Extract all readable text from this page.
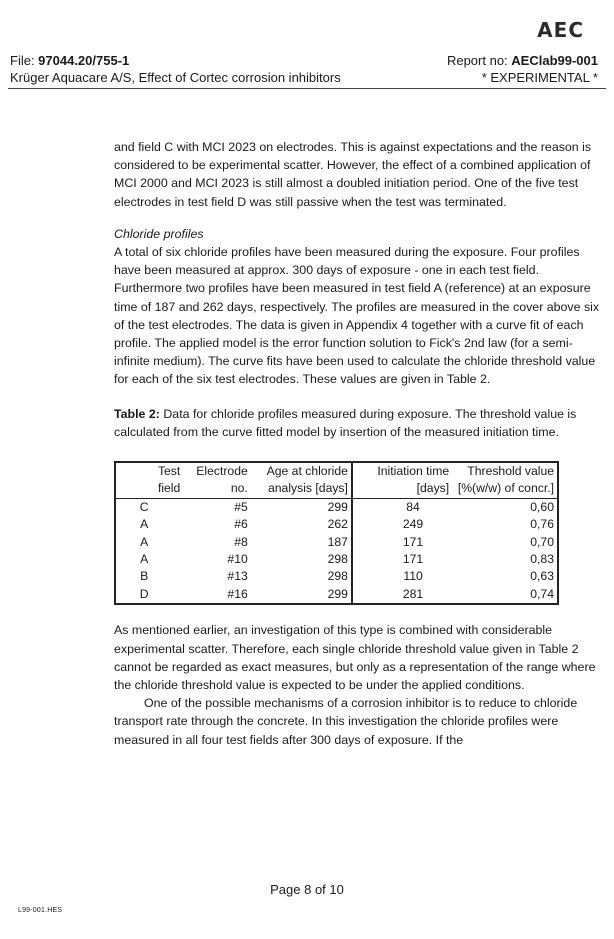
AEC
File: 97044.20/755-1
Krüger Aquacare A/S, Effect of Cortec corrosion inhibitors
Report no: AEClab99-001
* EXPERIMENTAL *

and field C with MCI 2023 on electrodes. This is against expectations and the reason is considered to be experimental scatter. However, the effect of a combined application of MCI 2000 and MCI 2023 is still almost a doubled initiation period. One of the five test electrodes in test field D was still passive when the test was terminated.

Chloride profiles

A total of six chloride profiles have been measured during the exposure. Four profiles have been measured at approx. 300 days of exposure - one in each test field. Furthermore two profiles have been measured in test field A (reference) at an exposure time of 187 and 262 days, respectively. The profiles are measured in the cover above six of the test electrodes. The data is given in Appendix 4 together with a curve fit of each profile. The applied model is the error function solution to Fick's 2nd law (for a semi-infinite medium). The curve fits have been used to calculate the chloride threshold value for each of the six test electrodes. These values are given in Table 2.

Table 2: Data for chloride profiles measured during exposure. The threshold value is calculated from the curve fitted model by insertion of the measured initiation time.

Test	Electrode	Age at chloride	Initiation time	Threshold value
field	no.	analysis [days]	[days]	[%(w/w) of concr.]
C	#5	299	84	0,60
A	#6	262	249	0,76
A	#8	187	171	0,70
A	#10	298	171	0,83
B	#13	298	110	0,63
D	#16	299	281	0,74

As mentioned earlier, an investigation of this type is combined with considerable experimental scatter. Therefore, each single chloride threshold value given in Table 2 cannot be regarded as exact measures, but only as a representation of the range where the chloride threshold value is expected to be under the applied conditions.

One of the possible mechanisms of a corrosion inhibitor is to reduce to chloride transport rate through the concrete. In this investigation the chloride profiles were measured in all four test fields after 300 days of exposure. If the

Page 8 of 10
L99-001.HES
